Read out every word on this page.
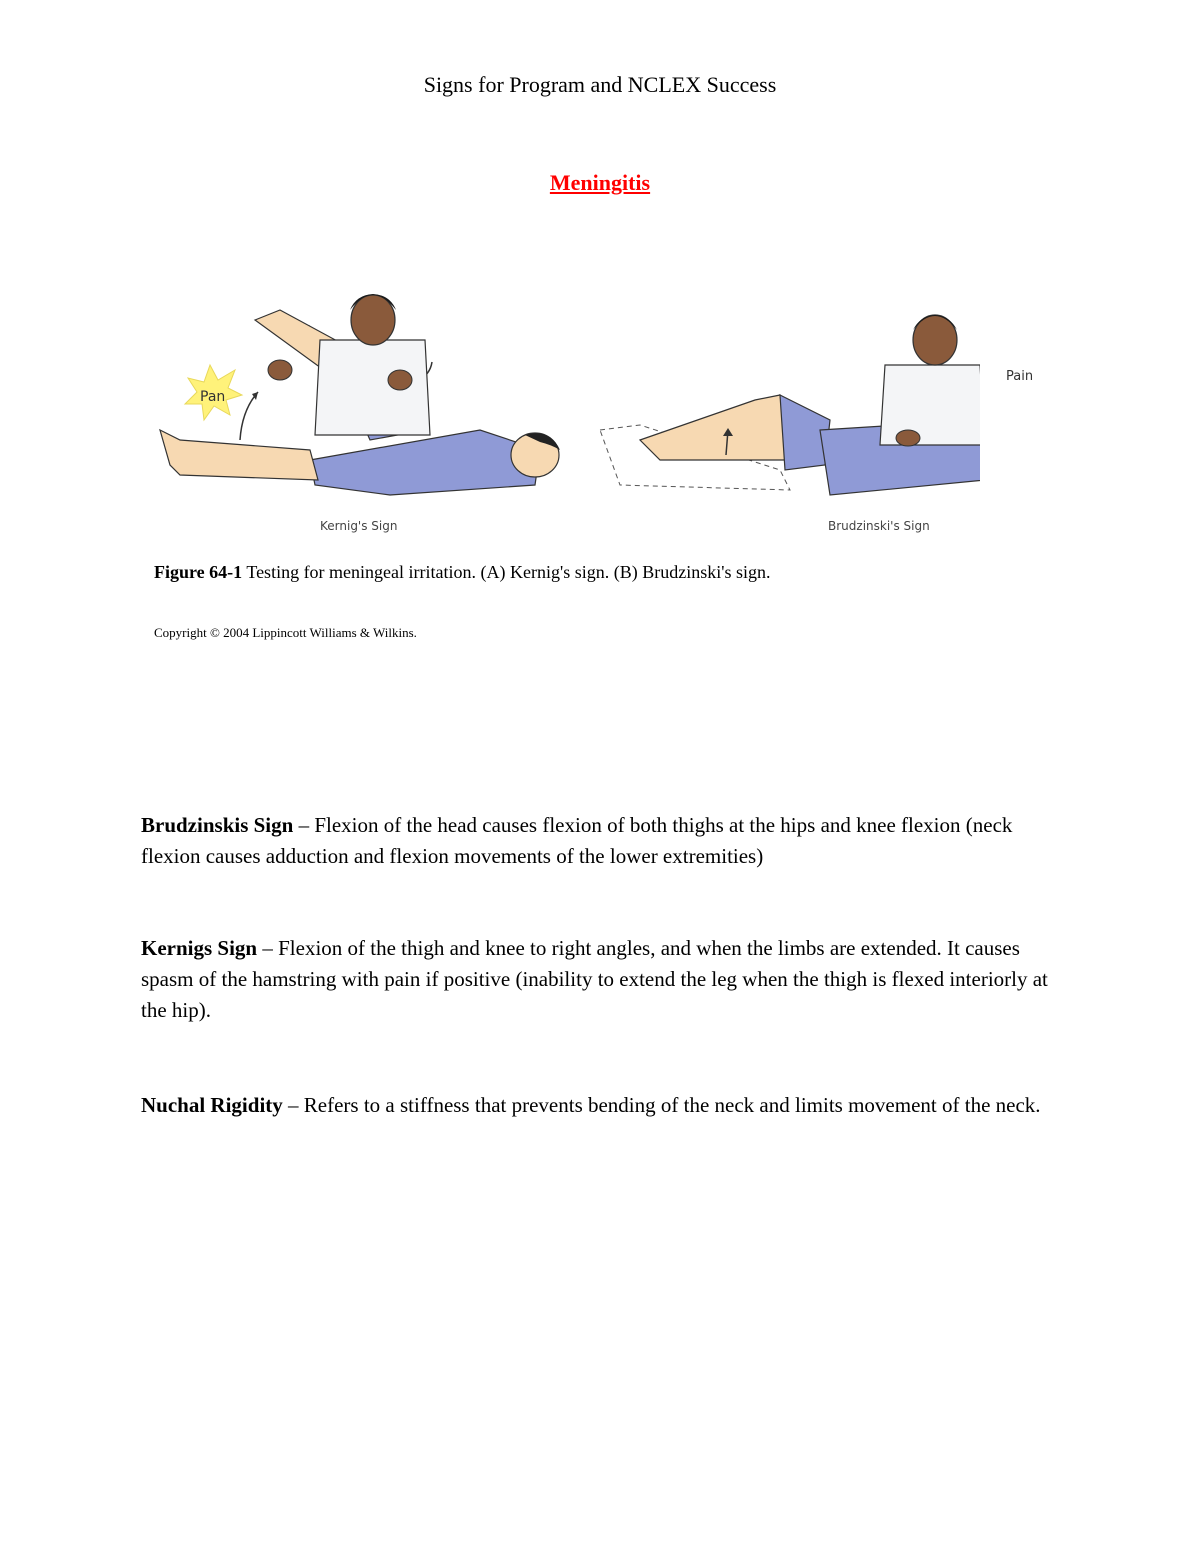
Signs for Program and NCLEX Success
Meningitis
Pan
Kernig's Sign	Brudzinski's Sign
Pain
Figure 64-1 Testing for meningeal irritation. (A) Kernig's sign. (B) Brudzinski's sign.
Copyright © 2004 Lippincott Williams & Wilkins.
Brudzinskis Sign – Flexion of the head causes flexion of both thighs at the hips and knee flexion (neck flexion causes adduction and flexion movements of the lower extremities)
Kernigs Sign – Flexion of the thigh and knee to right angles, and when the limbs are extended. It causes spasm of the hamstring with pain if positive (inability to extend the leg when the thigh is flexed interiorly at the hip).
Nuchal Rigidity – Refers to a stiffness that prevents bending of the neck and limits movement of the neck.
